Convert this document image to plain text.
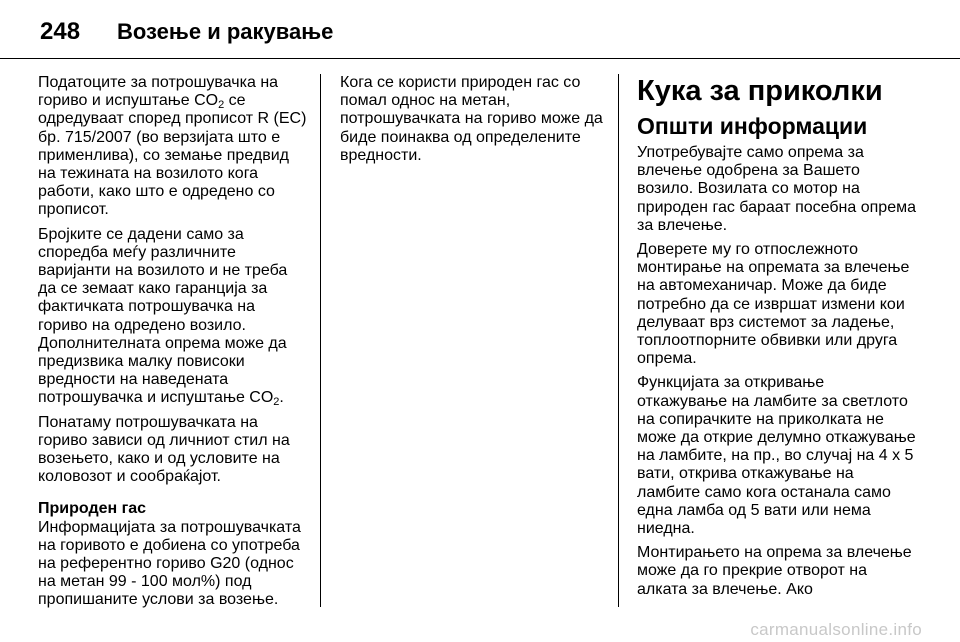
248	Возење и ракување

Податоците за потрошувачка на гориво и испуштање $CO_2$ се одредуваат според прописот R (EC) бр. 715/2007 (во верзијата што е применлива), со земање предвид на тежината на возилото кога работи, како што е одредено со прописот.

Бројките се дадени само за споредба меѓу различните варијанти на возилото и не треба да се земаат како гаранција за фактичката потрошувачка на гориво на одредено возило. Дополнителната опрема може да предизвика малку повисоки вредности на наведената потрошувачка и испуштање $CO_2$.

Понатаму потрошувачката на гориво зависи од личниот стил на возењето, како и од условите на коловозот и сообраќајот.

Природен гас

Информацијата за потрошувачката на горивото е добиена со употреба на референтно гориво G20 (однос на метан 99 - 100 мол%) под пропишаните услови за возење.

Кога се користи природен гас со помал однос на метан, потрошувачката на гориво може да биде поинаква од определените вредности.

Кука за приколки
Општи информации

Употребувајте само опрема за влечење одобрена за Вашето возило. Возилата со мотор на природен гас бараат посебна опрема за влечење.

Доверете му го отпослежното монтирање на опремата за влечење на автомеханичар. Може да биде потребно да се извршат измени кои делуваат врз системот за ладење, топлоотпорните обвивки или друга опрема.

Функцијата за откривање откажување на ламбите за светлото на сопирачките на приколката не може да открие делумно откажување на ламбите, на пр., во случај на 4 x 5 вати, открива откажување на ламбите само кога останала само една ламба од 5 вати или нема ниедна.

Монтирањето на опрема за влечење може да го прекрие отворот на алката за влечење. Ако

carmanualsonline.info
